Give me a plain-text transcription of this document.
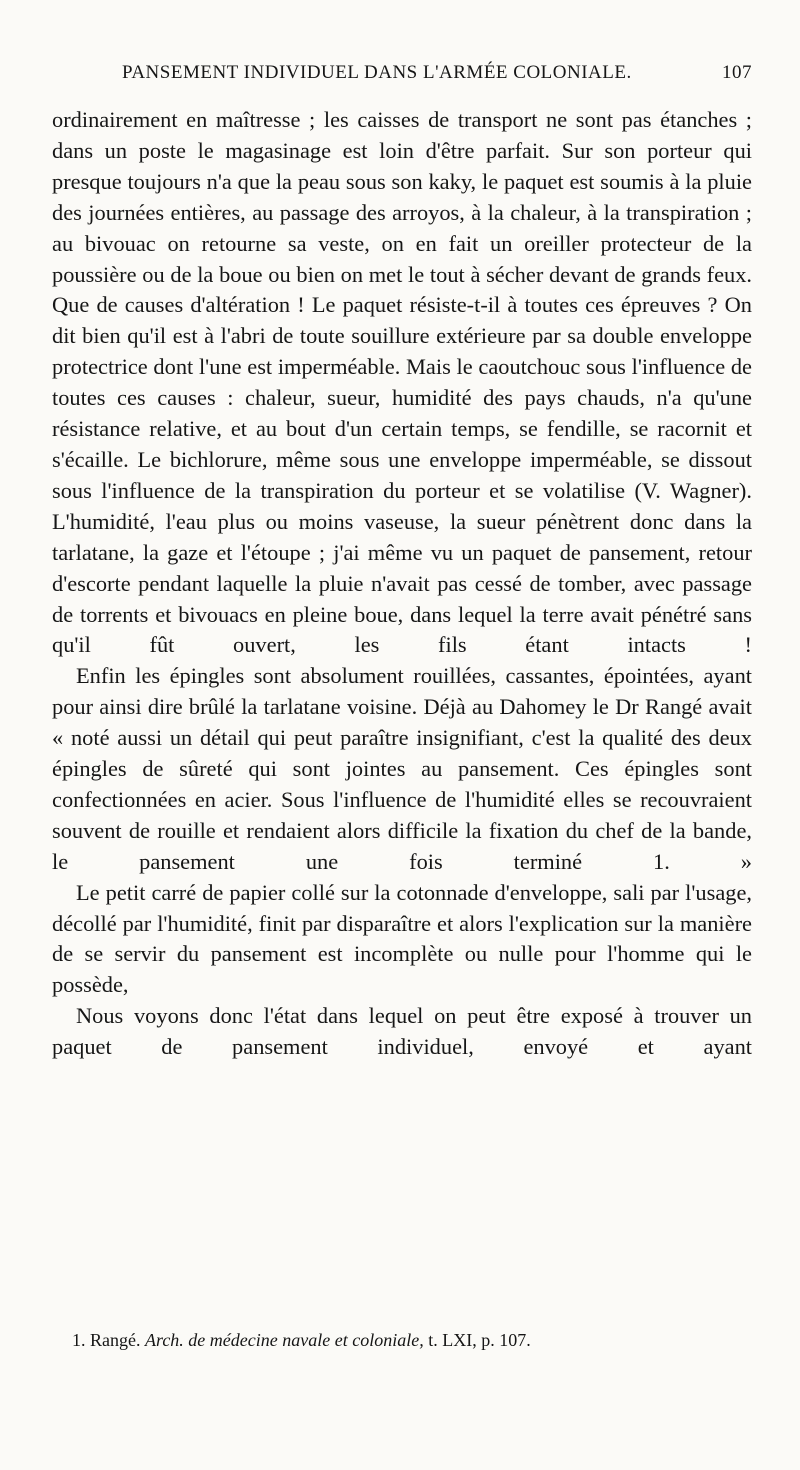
PANSEMENT INDIVIDUEL DANS L'ARMÉE COLONIALE.	107

ordinairement en maîtresse ; les caisses de transport ne sont pas étanches ; dans un poste le magasinage est loin d'être parfait. Sur son porteur qui presque toujours n'a que la peau sous son kaky, le paquet est soumis à la pluie des journées entières, au passage des arroyos, à la chaleur, à la transpiration ; au bivouac on retourne sa veste, on en fait un oreiller protecteur de la poussière ou de la boue ou bien on met le tout à sécher devant de grands feux. Que de causes d'altération ! Le paquet résiste-t-il à toutes ces épreuves ? On dit bien qu'il est à l'abri de toute souillure extérieure par sa double enveloppe protectrice dont l'une est imperméable. Mais le caoutchouc sous l'influence de toutes ces causes : chaleur, sueur, humidité des pays chauds, n'a qu'une résistance relative, et au bout d'un certain temps, se fendille, se racornit et s'écaille. Le bichlorure, même sous une enveloppe imperméable, se dissout sous l'influence de la transpiration du porteur et se volatilise (V. Wagner). L'humidité, l'eau plus ou moins vaseuse, la sueur pénètrent donc dans la tarlatane, la gaze et l'étoupe ; j'ai même vu un paquet de pansement, retour d'escorte pendant laquelle la pluie n'avait pas cessé de tomber, avec passage de torrents et bivouacs en pleine boue, dans lequel la terre avait pénétré sans qu'il fût ouvert, les fils étant intacts !

Enfin les épingles sont absolument rouillées, cassantes, épointées, ayant pour ainsi dire brûlé la tarlatane voisine. Déjà au Dahomey le Dr Rangé avait « noté aussi un détail qui peut paraître insignifiant, c'est la qualité des deux épingles de sûreté qui sont jointes au pansement. Ces épingles sont confectionnées en acier. Sous l'influence de l'humidité elles se recouvraient souvent de rouille et rendaient alors difficile la fixation du chef de la bande, le pansement une fois terminé 1. »

Le petit carré de papier collé sur la cotonnade d'enveloppe, sali par l'usage, décollé par l'humidité, finit par disparaître et alors l'explication sur la manière de se servir du pansement est incomplète ou nulle pour l'homme qui le possède,

Nous voyons donc l'état dans lequel on peut être exposé à trouver un paquet de pansement individuel, envoyé et ayant

1. Rangé. Arch. de médecine navale et coloniale, t. LXI, p. 107.
